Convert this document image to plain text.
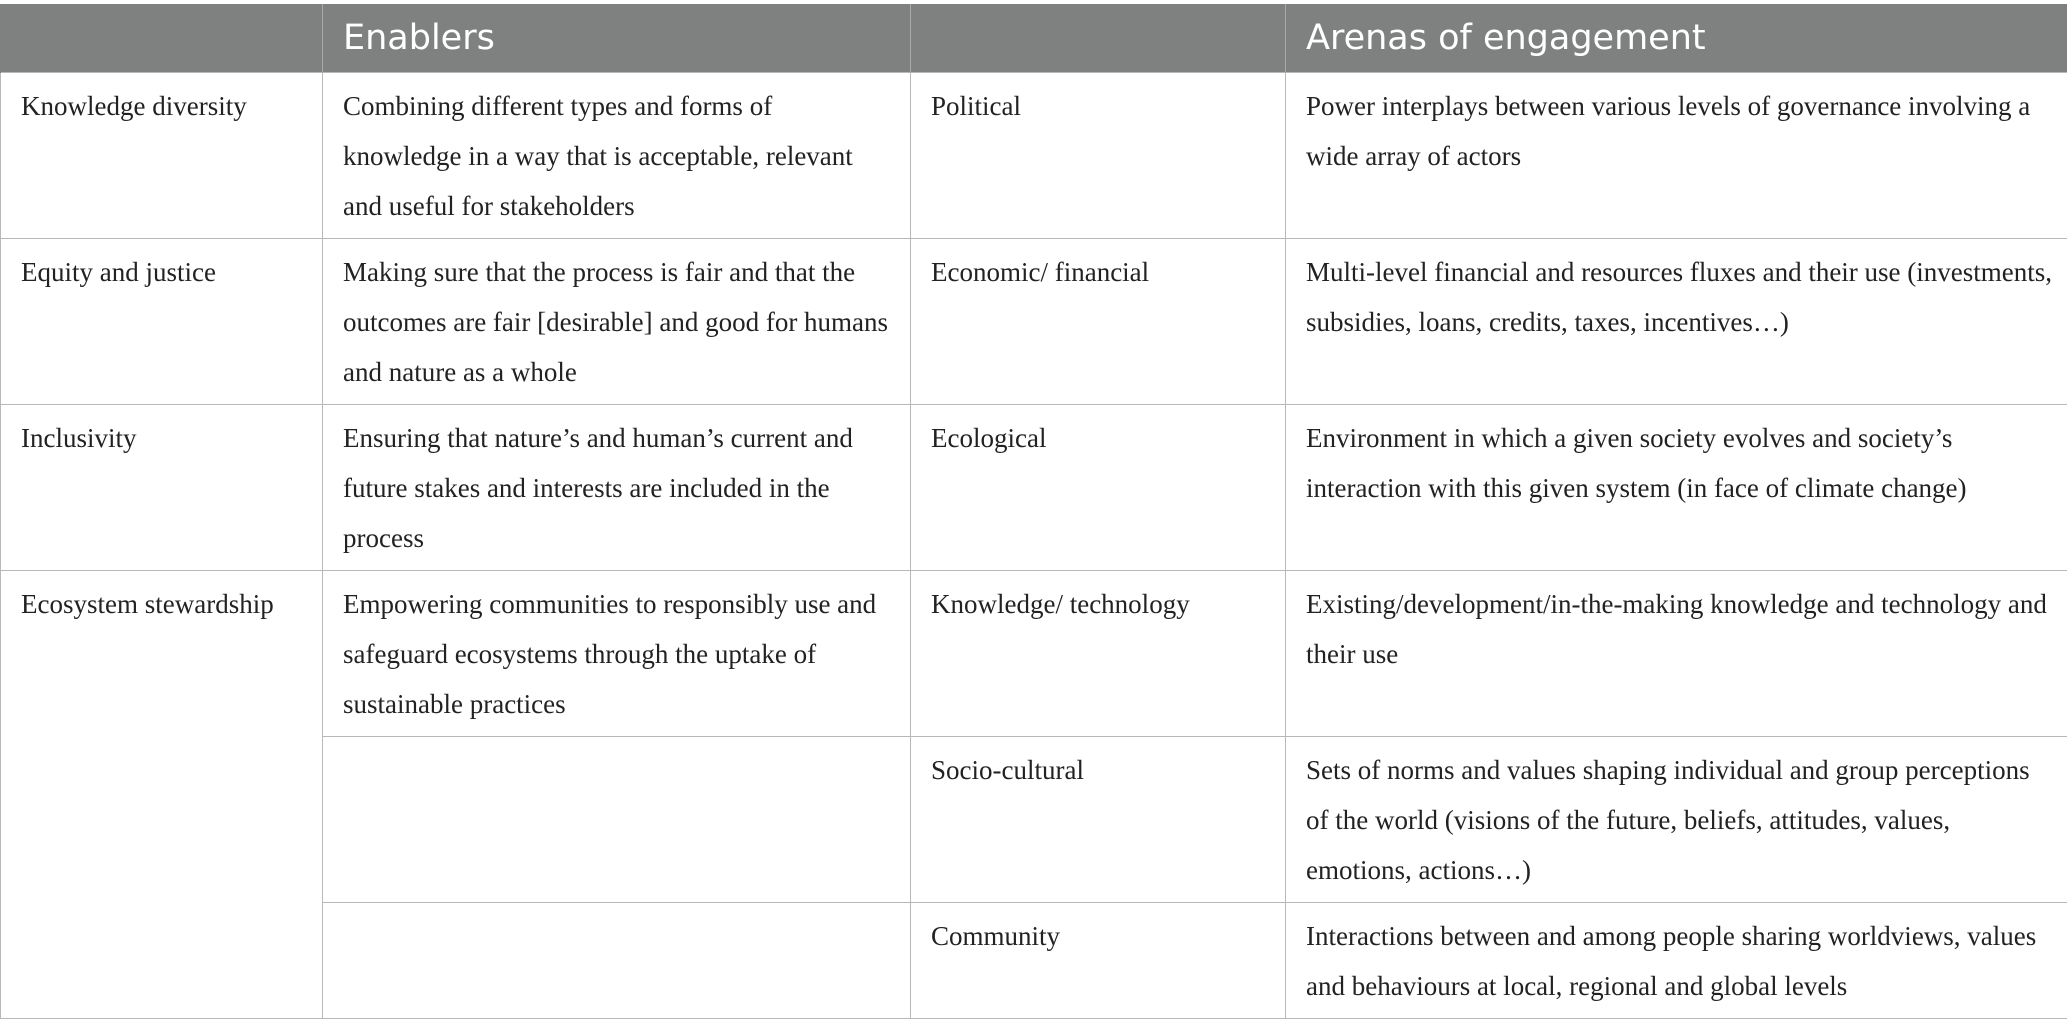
	Enablers		Arenas of engagement
Knowledge diversity	Combining different types and forms of knowledge in a way that is acceptable, relevant and useful for stakeholders	Political	Power interplays between various levels of governance involving a wide array of actors
Equity and justice	Making sure that the process is fair and that the outcomes are fair [desirable] and good for humans and nature as a whole	Economic/ financial	Multi-level financial and resources fluxes and their use (investments, subsidies, loans, credits, taxes, incentives…)
Inclusivity	Ensuring that nature’s and human’s current and future stakes and interests are included in the process	Ecological	Environment in which a given society evolves and society’s interaction with this given system (in face of climate change)
Ecosystem stewardship	Empowering communities to responsibly use and safeguard ecosystems through the uptake of sustainable practices	Knowledge/ technology	Existing/development/in-the-making knowledge and technology and their use
		Socio-cultural	Sets of norms and values shaping individual and group perceptions of the world (visions of the future, beliefs, attitudes, values, emotions, actions…)
		Community	Interactions between and among people sharing worldviews, values and behaviours at local, regional and global levels
